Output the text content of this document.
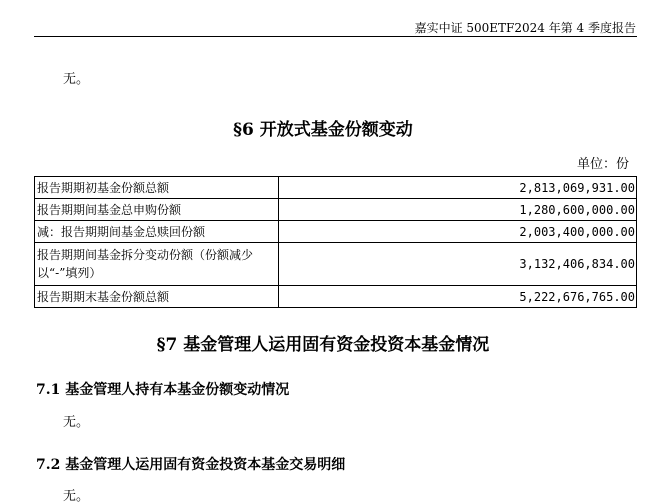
嘉实中证 500ETF2024 年第 4 季度报告
无。
§6 开放式基金份额变动
单位：份
报告期期初基金份额总额	2,813,069,931.00
报告期期间基金总申购份额	1,280,600,000.00
减：报告期期间基金总赎回份额	2,003,400,000.00
报告期期间基金拆分变动份额（份额减少以“-”填列）	3,132,406,834.00
报告期期末基金份额总额	5,222,676,765.00
§7 基金管理人运用固有资金投资本基金情况
7.1 基金管理人持有本基金份额变动情况
无。
7.2 基金管理人运用固有资金投资本基金交易明细
无。
